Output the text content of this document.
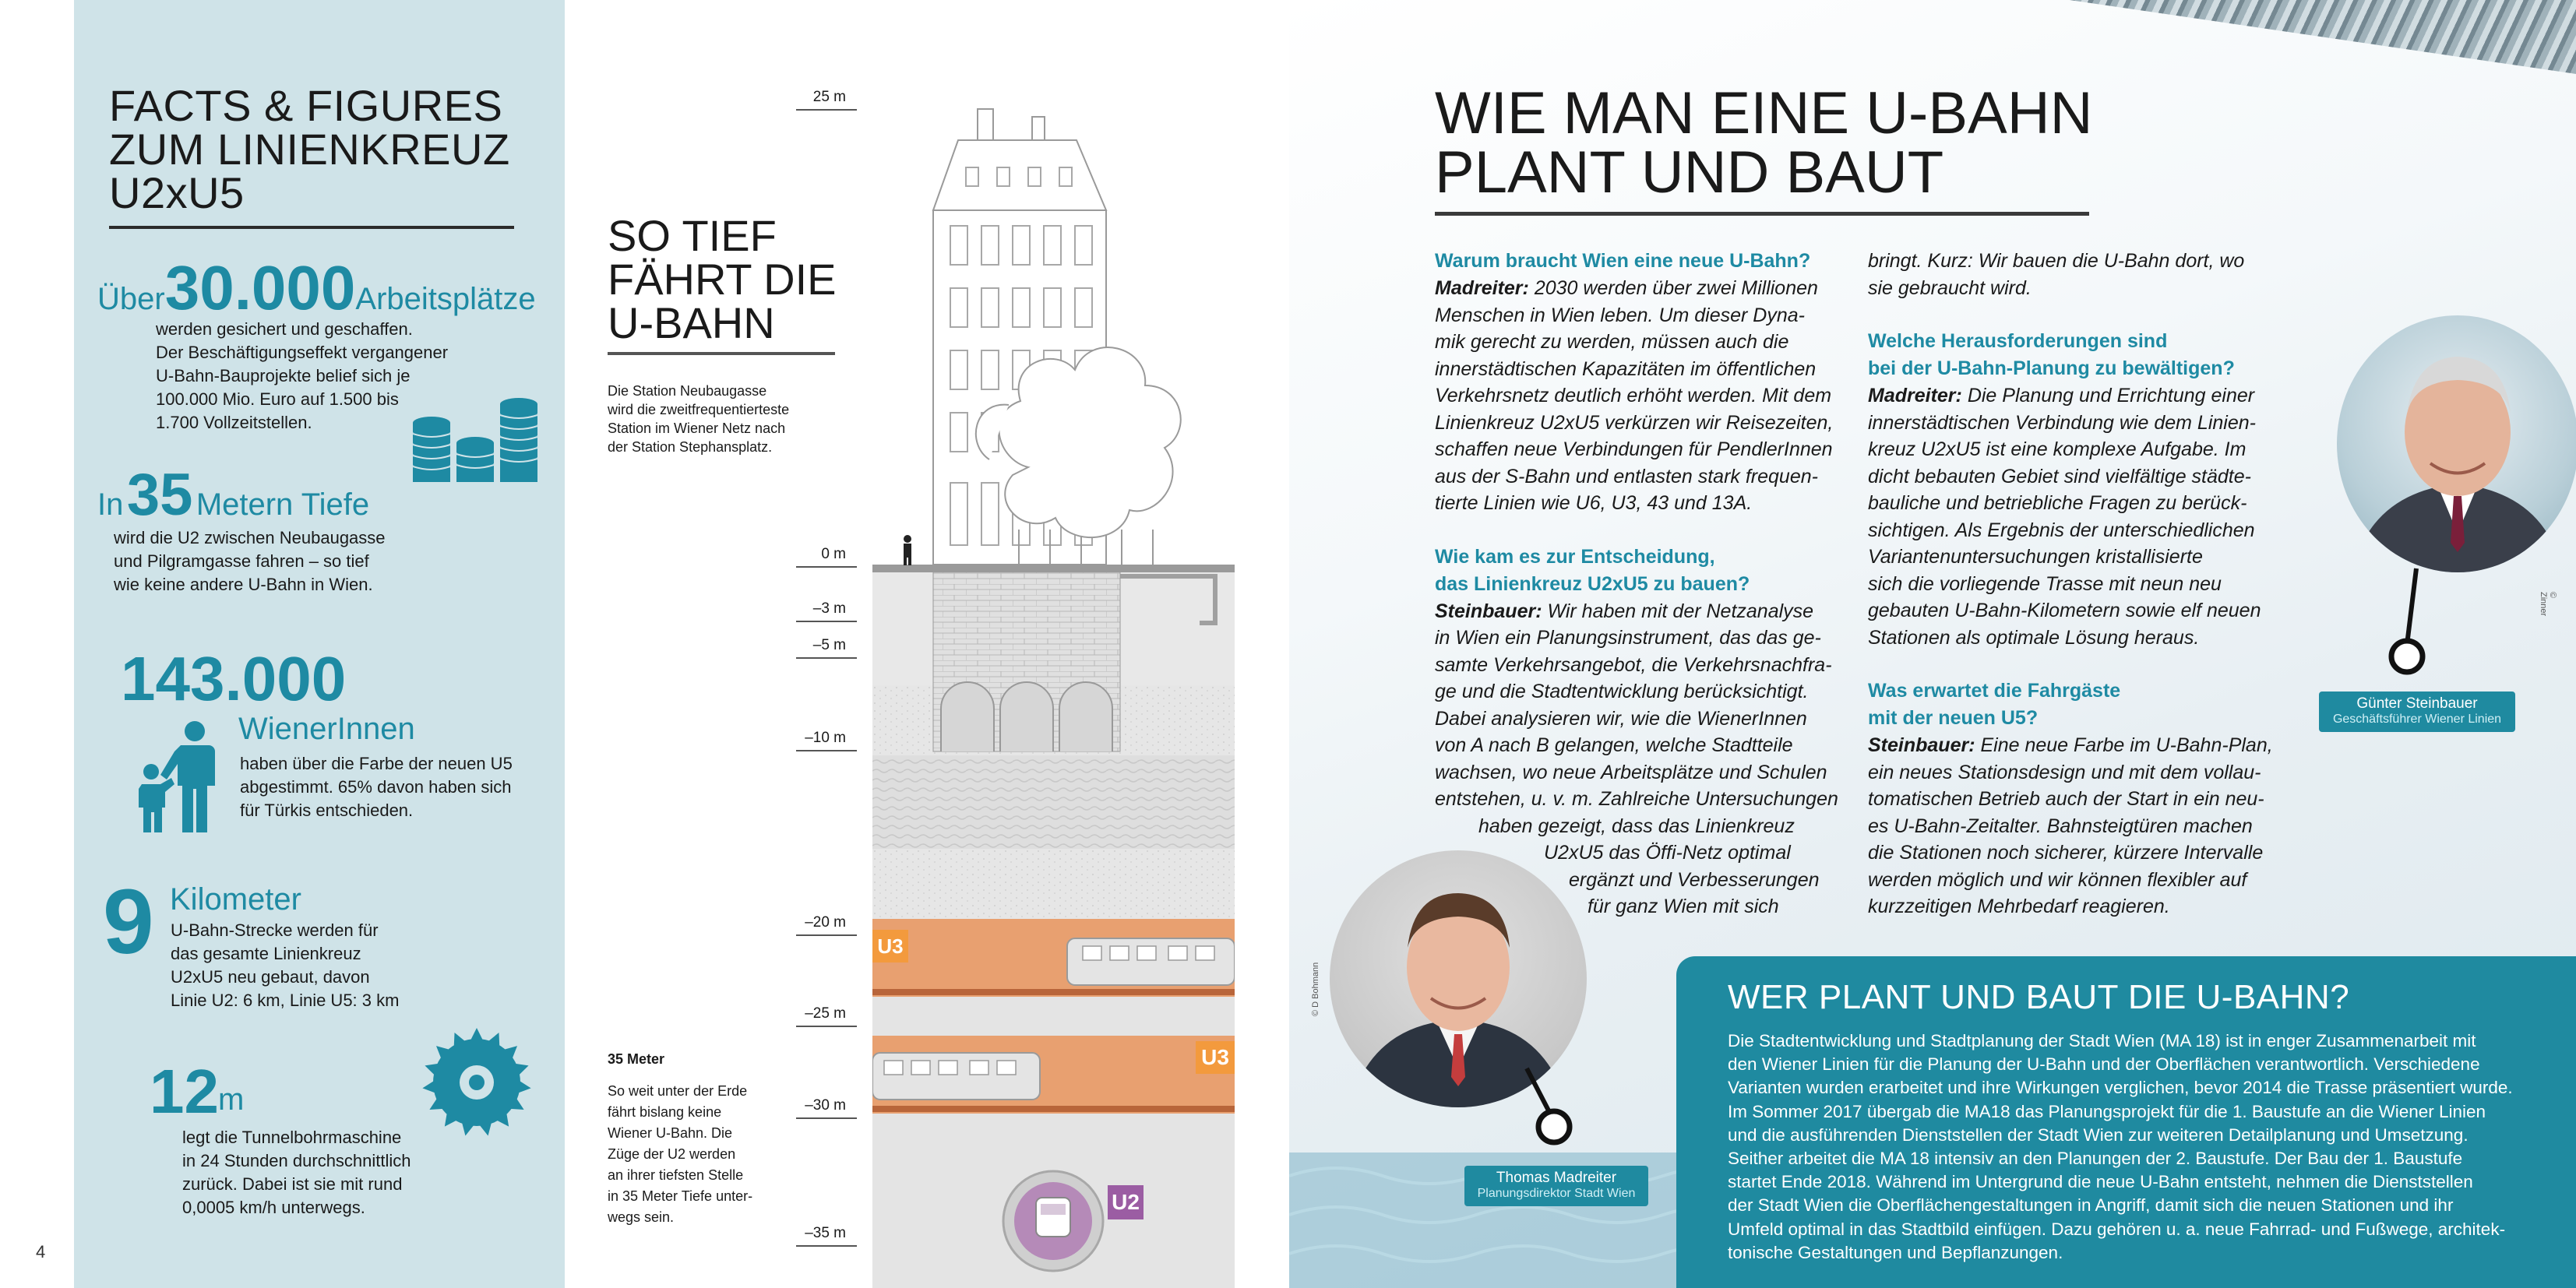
FACTS & FIGURES
ZUM LINIENKREUZ
U2xU5
Über30.000Arbeitsplätze
werden gesichert und geschaffen.
Der Beschäftigungseffekt vergangener
U-Bahn-Bauprojekte belief sich je
100.000 Mio. Euro auf 1.500 bis
1.700 Vollzeitstellen.
In 35 Metern Tiefe
wird die U2 zwischen Neubaugasse
und Pilgramgasse fahren – so tief
wie keine andere U-Bahn in Wien.
143.000
WienerInnen
haben über die Farbe der neuen U5
abgestimmt. 65% davon haben sich
für Türkis entschieden.
9 Kilometer
U-Bahn-Strecke werden für
das gesamte Linienkreuz
U2xU5 neu gebaut, davon
Linie U2: 6 km, Linie U5: 3 km
12 m
legt die Tunnelbohrmaschine
in 24 Stunden durchschnittlich
zurück. Dabei ist sie mit rund
0,0005 km/h unterwegs.
4
SO TIEF
FÄHRT DIE
U-BAHN
Die Station Neubaugasse
wird die zweitfrequentierteste
Station im Wiener Netz nach
der Station Stephansplatz.
35 Meter
So weit unter der Erde
fährt bislang keine
Wiener U-Bahn. Die
Züge der U2 werden
an ihrer tiefsten Stelle
in 35 Meter Tiefe unter-
wegs sein.
25 m
0 m
–3 m
–5 m
–10 m
–20 m
–25 m
–30 m
–35 m
U3
U3
U2
WIE MAN EINE U-BAHN
PLANT UND BAUT
Warum braucht Wien eine neue U-Bahn?
Madreiter: 2030 werden über zwei Millionen
Menschen in Wien leben. Um dieser Dyna-
mik gerecht zu werden, müssen auch die
innerstädtischen Kapazitäten im öffentlichen
Verkehrsnetz deutlich erhöht werden. Mit dem
Linienkreuz U2xU5 verkürzen wir Reisezeiten,
schaffen neue Verbindungen für PendlerInnen
aus der S-Bahn und entlasten stark frequen-
tierte Linien wie U6, U3, 43 und 13A.
Wie kam es zur Entscheidung,
das Linienkreuz U2xU5 zu bauen?
Steinbauer: Wir haben mit der Netzanalyse
in Wien ein Planungsinstrument, das das ge-
samte Verkehrsangebot, die Verkehrsnachfra-
ge und die Stadtentwicklung berücksichtigt.
Dabei analysieren wir, wie die WienerInnen
von A nach B gelangen, welche Stadtteile
wachsen, wo neue Arbeitsplätze und Schulen
entstehen, u. v. m. Zahlreiche Untersuchungen
haben gezeigt, dass das Linienkreuz
U2xU5 das Öffi-Netz optimal
ergänzt und Verbesserungen
für ganz Wien mit sich
bringt. Kurz: Wir bauen die U-Bahn dort, wo
sie gebraucht wird.
Welche Herausforderungen sind
bei der U-Bahn-Planung zu bewältigen?
Madreiter: Die Planung und Errichtung einer
innerstädtischen Verbindung wie dem Linien-
kreuz U2xU5 ist eine komplexe Aufgabe. Im
dicht bebauten Gebiet sind vielfältige städte-
bauliche und betriebliche Fragen zu berück-
sichtigen. Als Ergebnis der unterschiedlichen
Variantenuntersuchungen kristallisierte
sich die vorliegende Trasse mit neun neu
gebauten U-Bahn-Kilometern sowie elf neuen
Stationen als optimale Lösung heraus.
Was erwartet die Fahrgäste
mit der neuen U5?
Steinbauer: Eine neue Farbe im U-Bahn-Plan,
ein neues Stationsdesign und mit dem vollau-
tomatischen Betrieb auch der Start in ein neu-
es U-Bahn-Zeitalter. Bahnsteigtüren machen
die Stationen noch sicherer, kürzere Intervalle
werden möglich und wir können flexibler auf
kurzzeitigen Mehrbedarf reagieren.
© Zinner
Günter Steinbauer
Geschäftsführer Wiener Linien
© D Bohmann
Thomas Madreiter
Planungsdirektor Stadt Wien
WER PLANT UND BAUT DIE U-BAHN?
Die Stadtentwicklung und Stadtplanung der Stadt Wien (MA 18) ist in enger Zusammenarbeit mit
den Wiener Linien für die Planung der U-Bahn und der Oberflächen verantwortlich. Verschiedene
Varianten wurden erarbeitet und ihre Wirkungen verglichen, bevor 2014 die Trasse präsentiert wurde.
Im Sommer 2017 übergab die MA18 das Planungsprojekt für die 1. Baustufe an die Wiener Linien
und die ausführenden Dienststellen der Stadt Wien zur weiteren Detailplanung und Umsetzung.
Seither arbeitet die MA 18 intensiv an den Planungen der 2. Baustufe. Der Bau der 1. Baustufe
startet Ende 2018. Während im Untergrund die neue U-Bahn entsteht, nehmen die Dienststellen
der Stadt Wien die Oberflächengestaltungen in Angriff, damit sich die neuen Stationen und ihr
Umfeld optimal in das Stadtbild einfügen. Dazu gehören u. a. neue Fahrrad- und Fußwege, architek-
tonische Gestaltungen und Bepflanzungen.
